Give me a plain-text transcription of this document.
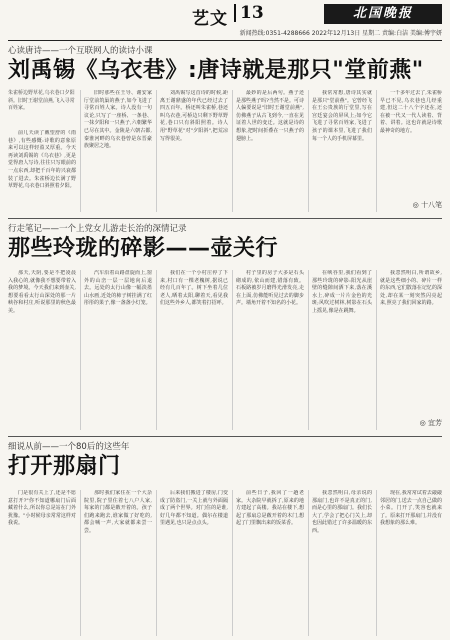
艺文 13	北国晚报
新闻热线:0351-4288666 2022年12月13日 星期二 责编:白洁 美编:傅宇妍

心读唐诗——一个互联网人的读诗小课

刘禹锡《乌衣巷》:唐诗就是那只"堂前燕"
朱雀桥边野草花,乌衣巷口夕阳斜。旧时王谢堂前燕,飞入寻常百姓家。

前几天读了戴望舒的《雨巷》,有些感慨:诗歌的意象原来可以这样轻盈又厚重。今天再读刘禹锡的《乌衣巷》,更是觉得唐人写诗,往往只写眼前的一点东西,却把千百年的兴衰都装了进去。朱雀桥边长满了野草野花,乌衣巷口斜照着夕阳。

旧时那些在王导、谢安家厅堂前筑巢的燕子,如今飞进了寻常百姓人家。诗人没有一句议论,只写了一座桥、一条巷、一抹夕阳和一只燕子,六朝繁华已尽在其中。金陵是六朝古都,秦淮河畔的乌衣巷曾是东晋豪族聚居之地。

刘禹锡写这首诗的时候,距离王谢鼎盛的年代已经过去了四五百年。桥还叫朱雀桥,巷还叫乌衣巷,可桥边只剩下野草野花,巷口只有斜阳照着。诗人用"野草花"对"夕阳斜",把荒凉写得很美。

最妙的是后两句。燕子还是那些燕子吗?当然不是。可诗人偏要说是"旧时王谢堂前燕",仿佛燕子从古飞到今,一直在见证着人世的变迁。这就是诗的想象,把时间折叠在一只燕子的翅膀上。

我常常想,唐诗其实就是那只"堂前燕"。它曾经飞在王公贵族的厅堂里,写在宫廷宴会的屏风上;如今它飞进了寻常百姓家,飞进了孩子的课本里,飞进了我们每一个人的手机屏幕里。

一千多年过去了,朱雀桥早已不见,乌衣巷也几经重建,但这二十八个字还在,还在被一代又一代人读着、背着、讲着。这也许就是诗歌最神奇的地方。

◎ 十八笔

行走笔记——一个上党女儿游走长治的深情记录

那些玲珑的碎影——壶关行

那天,天阴,要是不把凌晨入我心的,就像我不想要带着入我的梦境。今天我们来到壶关,想要看看太行山深处的那一片峡谷和村庄,听说那里的秋色最美。

汽车沿着山路盘旋而上,窗外的山峦一层一层地向后退去。远处的太行山像一幅淡墨山水画,近处的柿子树挂满了红彤彤的果子,像一盏盏小灯笼。

我们在一个小村庄停了下来,村口有一棵老槐树,据说已经有几百年了。树下坐着几位老人,晒着太阳,聊着天,看见我们这些外乡人,都笑着打招呼。

村子里的房子大多是石头砌成的,依山而建,错落有致。石板路被岁月磨得光滑发亮,走在上面,仿佛能听见过去的脚步声。墙角开着不知名的小花。

在峡谷里,我们看到了那些玲珑的碎影:阳光从崖壁的缝隙间洒下来,落在溪水上,碎成一片片金色的光斑;风吹过树林,树影在石头上摇晃,像是在跳舞。

我忽然明白,所谓故乡,就是这些细小的、碎片一样的东西,它们散落在记忆的深处,却在某一刻突然闪亮起来,照亮了我们回家的路。

◎ 宜芳

细说从前——一个80后的这些年

打开那扇门

门是很有关上了,还是不愿意打开?"你不知道哪扇门后面藏着什么,所以你总是站在门外犹豫。"小时候母亲常常这样对我说。

那时我们家住在一个大杂院里,院子里住着七八户人家,每家的门都是敞开着的。孩子们跑来跑去,谁家做了好吃的,都会喊一声,大家就都来尝一尝。

后来我们搬进了楼房,门变成了防盗门,一关上就与外面隔成了两个世界。对门住的是谁,好几年都不知道。偶尔在楼道里遇见,也只是点点头。

前些日子,我回了一趟老家。大杂院早就拆了,原来的地方建起了高楼。我站在楼下,想起了那扇总是敞开着的木门,想起了门里飘出来的饭菜香。

我忽然明白,母亲说的那扇门,也许不是真正的门,而是心里的那扇门。我们长大了,学会了把心门关上,却也因此错过了许多温暖的东西。

现在,我常常试着去敲敲邻居的门,送去一点自己做的小菜。门开了,笑容也就来了。原来打开那扇门,并没有我想象的那么难。
